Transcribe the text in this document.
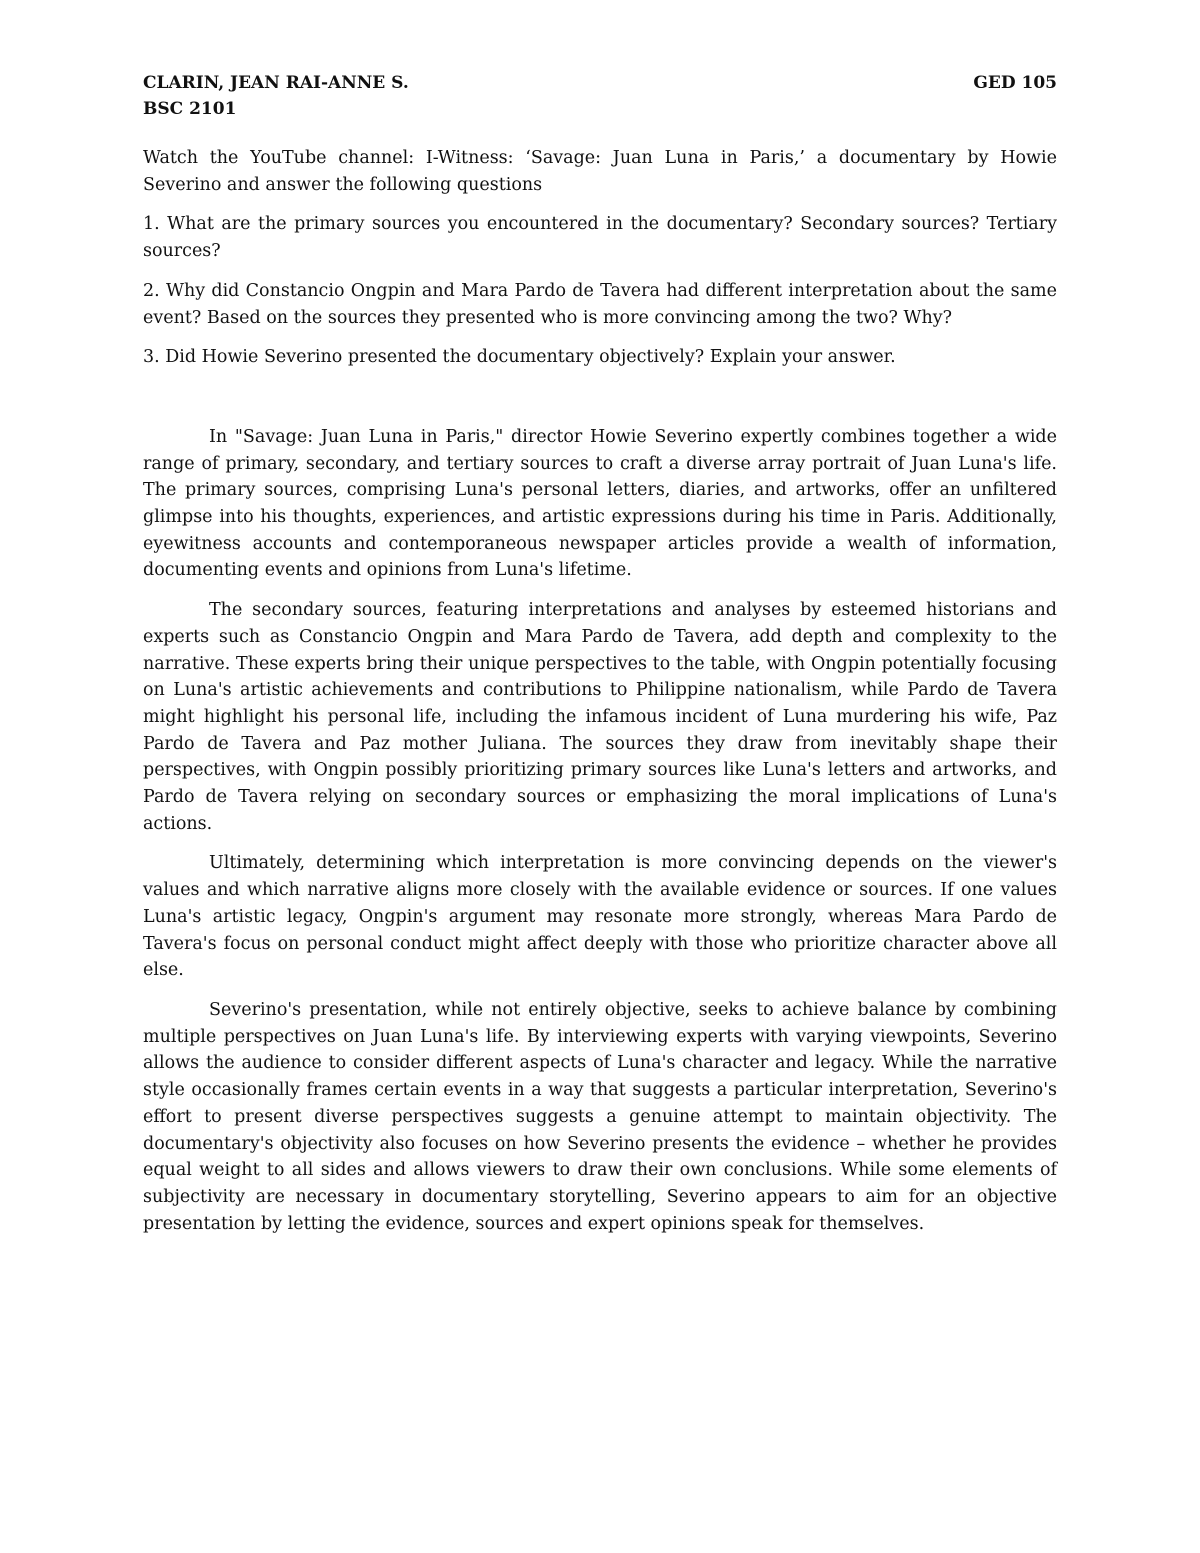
CLARIN, JEAN RAI-ANNE S.	GED 105
BSC 2101

Watch the YouTube channel: I-Witness: ‘Savage: Juan Luna in Paris,’ a documentary by Howie Severino and answer the following questions

1. What are the primary sources you encountered in the documentary? Secondary sources? Tertiary sources?

2. Why did Constancio Ongpin and Mara Pardo de Tavera had different interpretation about the same event? Based on the sources they presented who is more convincing among the two? Why?

3. Did Howie Severino presented the documentary objectively? Explain your answer.

In "Savage: Juan Luna in Paris," director Howie Severino expertly combines together a wide range of primary, secondary, and tertiary sources to craft a diverse array portrait of Juan Luna's life. The primary sources, comprising Luna's personal letters, diaries, and artworks, offer an unfiltered glimpse into his thoughts, experiences, and artistic expressions during his time in Paris. Additionally, eyewitness accounts and contemporaneous newspaper articles provide a wealth of information, documenting events and opinions from Luna's lifetime.

The secondary sources, featuring interpretations and analyses by esteemed historians and experts such as Constancio Ongpin and Mara Pardo de Tavera, add depth and complexity to the narrative. These experts bring their unique perspectives to the table, with Ongpin potentially focusing on Luna's artistic achievements and contributions to Philippine nationalism, while Pardo de Tavera might highlight his personal life, including the infamous incident of Luna murdering his wife, Paz Pardo de Tavera and Paz mother Juliana. The sources they draw from inevitably shape their perspectives, with Ongpin possibly prioritizing primary sources like Luna's letters and artworks, and Pardo de Tavera relying on secondary sources or emphasizing the moral implications of Luna's actions.

Ultimately, determining which interpretation is more convincing depends on the viewer's values and which narrative aligns more closely with the available evidence or sources. If one values Luna's artistic legacy, Ongpin's argument may resonate more strongly, whereas Mara Pardo de Tavera's focus on personal conduct might affect deeply with those who prioritize character above all else.

Severino's presentation, while not entirely objective, seeks to achieve balance by combining multiple perspectives on Juan Luna's life. By interviewing experts with varying viewpoints, Severino allows the audience to consider different aspects of Luna's character and legacy. While the narrative style occasionally frames certain events in a way that suggests a particular interpretation, Severino's effort to present diverse perspectives suggests a genuine attempt to maintain objectivity. The documentary's objectivity also focuses on how Severino presents the evidence – whether he provides equal weight to all sides and allows viewers to draw their own conclusions. While some elements of subjectivity are necessary in documentary storytelling, Severino appears to aim for an objective presentation by letting the evidence, sources and expert opinions speak for themselves.
